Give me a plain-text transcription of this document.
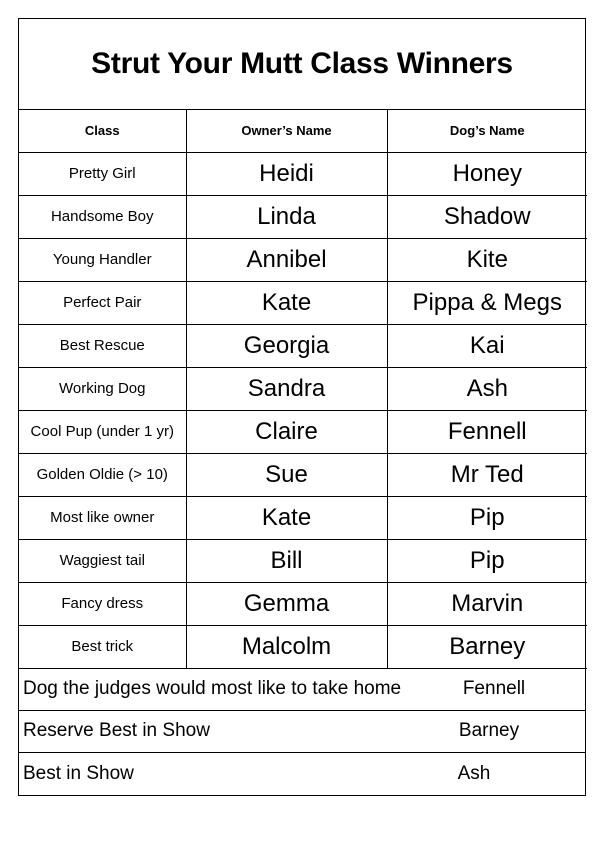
Strut Your Mutt Class Winners
Class	Owner’s Name	Dog’s Name
Pretty Girl	Heidi	Honey
Handsome Boy	Linda	Shadow
Young Handler	Annibel	Kite
Perfect Pair	Kate	Pippa & Megs
Best Rescue	Georgia	Kai
Working Dog	Sandra	Ash
Cool Pup (under 1 yr)	Claire	Fennell
Golden Oldie (> 10)	Sue	Mr Ted
Most like owner	Kate	Pip
Waggiest tail	Bill	Pip
Fancy dress	Gemma	Marvin
Best trick	Malcolm	Barney
Dog the judges would most like to take home	Fennell
Reserve Best in Show	Barney
Best in Show	Ash
